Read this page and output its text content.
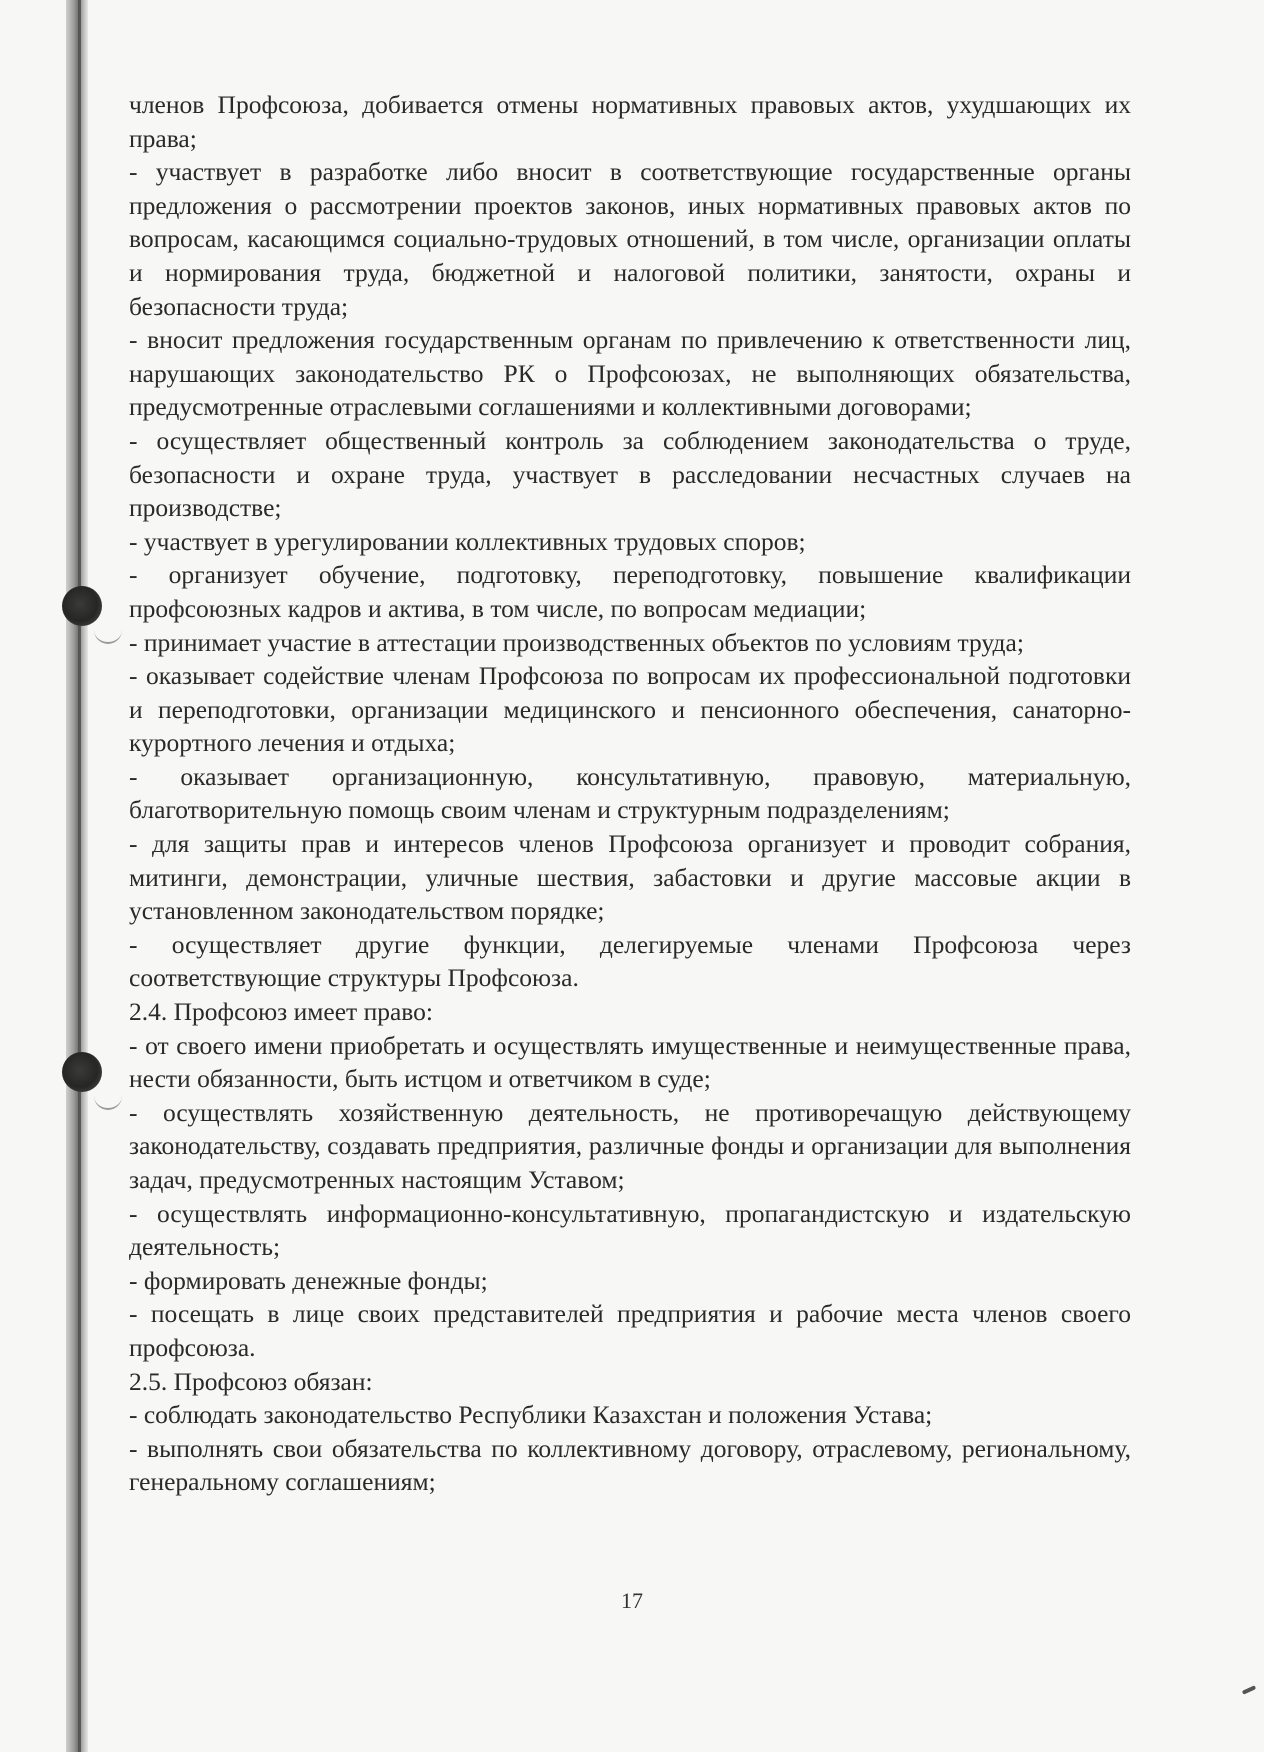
членов Профсоюза, добивается отмены нормативных правовых актов, ухудшающих их права;

- участвует в разработке либо вносит в соответствующие государственные органы предложения о рассмотрении проектов законов, иных нормативных правовых актов по вопросам, касающимся социально-трудовых отношений, в том числе, организации оплаты и нормирования труда, бюджетной и налоговой политики, занятости, охраны и безопасности труда;

- вносит предложения государственным органам по привлечению к ответственности лиц, нарушающих законодательство РК о Профсоюзах, не выполняющих обязательства, предусмотренные отраслевыми соглашениями и коллективными договорами;

- осуществляет общественный контроль за соблюдением законодательства о труде, безопасности и охране труда, участвует в расследовании несчастных случаев на производстве;

- участвует в урегулировании коллективных трудовых споров;

- организует обучение, подготовку, переподготовку, повышение квалификации профсоюзных кадров и актива, в том числе, по вопросам медиации;

- принимает участие в аттестации производственных объектов по условиям труда;

- оказывает содействие членам Профсоюза по вопросам их профессиональной подготовки и переподготовки, организации медицинского и пенсионного обеспечения, санаторно-курортного лечения и отдыха;

- оказывает организационную, консультативную, правовую, материальную, благотворительную помощь своим членам и структурным подразделениям;

- для защиты прав и интересов членов Профсоюза организует и проводит собрания, митинги, демонстрации, уличные шествия, забастовки и другие массовые акции в установленном законодательством порядке;

- осуществляет другие функции, делегируемые членами Профсоюза через соответствующие структуры Профсоюза.

2.4. Профсоюз имеет право:

- от своего имени приобретать и осуществлять имущественные и неимущественные права, нести обязанности, быть истцом и ответчиком в суде;

- осуществлять хозяйственную деятельность, не противоречащую действующему законодательству, создавать предприятия, различные фонды и организации для выполнения задач, предусмотренных настоящим Уставом;

- осуществлять информационно-консультативную, пропагандистскую и издательскую деятельность;

- формировать денежные фонды;

- посещать в лице своих представителей предприятия и рабочие места членов своего профсоюза.

2.5. Профсоюз обязан:

- соблюдать законодательство Республики Казахстан и положения Устава;

- выполнять свои обязательства по коллективному договору, отраслевому, региональному, генеральному соглашениям;

17
